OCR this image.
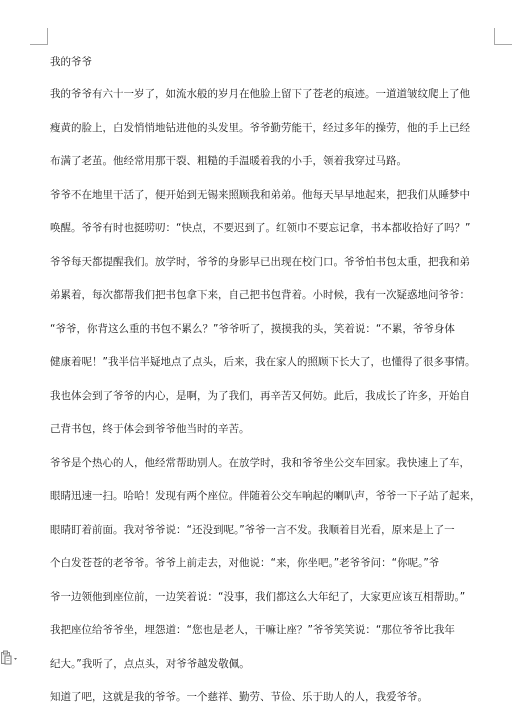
我的爷爷
我的爷爷有六十一岁了，如流水般的岁月在他脸上留下了苍老的痕迹。一道道皱纹爬上了他
瘦黄的脸上，白发悄悄地钻进他的头发里。爷爷勤劳能干，经过多年的操劳，他的手上已经
布满了老茧。他经常用那干裂、粗糙的手温暖着我的小手，领着我穿过马路。
爷爷不在地里干活了，便开始到无锡来照顾我和弟弟。他每天早早地起来，把我们从睡梦中
唤醒。爷爷有时也挺唠叨：“快点，不要迟到了。红领巾不要忘记拿，书本都收拾好了吗？”
爷爷每天都提醒我们。放学时，爷爷的身影早已出现在校门口。爷爷怕书包太重，把我和弟
弟累着，每次都帮我们把书包拿下来，自己把书包背着。小时候，我有一次疑惑地问爷爷：
“爷爷，你背这么重的书包不累么？”爷爷听了，摸摸我的头，笑着说：“不累，爷爷身体
健康着呢！”我半信半疑地点了点头，后来，我在家人的照顾下长大了，也懂得了很多事情。
我也体会到了爷爷的内心，是啊，为了我们，再辛苦又何妨。此后，我成长了许多，开始自
己背书包，终于体会到爷爷他当时的辛苦。
爷爷是个热心的人，他经常帮助别人。在放学时，我和爷爷坐公交车回家。我快速上了车，
眼睛迅速一扫。哈哈！发现有两个座位。伴随着公交车响起的喇叭声，爷爷一下子站了起来，
眼睛盯着前面。我对爷爷说：“还没到呢。”爷爷一言不发。我顺着目光看，原来是上了一
个白发苍苍的老爷爷。爷爷上前走去，对他说：“来，你坐吧。”老爷爷问：“你呢。”爷
爷一边领他到座位前，一边笑着说：“没事，我们都这么大年纪了，大家更应该互相帮助。”
我把座位给爷爷坐，埋怨道：“您也是老人，干嘛让座？”爷爷笑笑说：“那位爷爷比我年
纪大。”我听了，点点头，对爷爷越发敬佩。
知道了吧，这就是我的爷爷。一个慈祥、勤劳、节俭、乐于助人的人，我爱爷爷。
